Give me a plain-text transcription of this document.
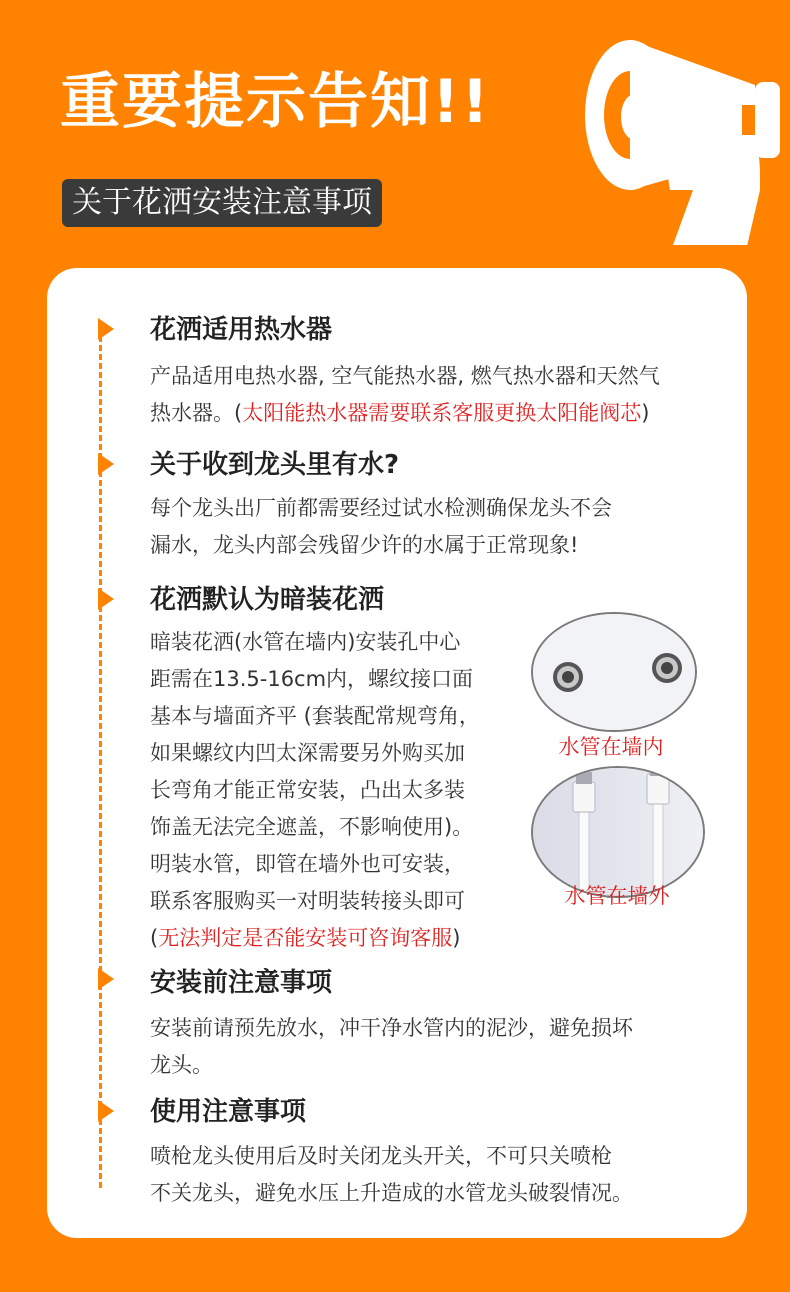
重要提示告知!!
关于花洒安装注意事项
花洒适用热水器

产品适用电热水器, 空气能热水器, 燃气热水器和天然气
热水器。(太阳能热水器需要联系客服更换太阳能阀芯)

关于收到龙头里有水?

每个龙头出厂前都需要经过试水检测确保龙头不会
漏水，龙头内部会残留少许的水属于正常现象!

花洒默认为暗装花洒

暗装花洒(水管在墙内)安装孔中心
距需在13.5-16cm内，螺纹接口面
基本与墙面齐平 (套装配常规弯角，
如果螺纹内凹太深需要另外购买加
长弯角才能正常安装，凸出太多装
饰盖无法完全遮盖，不影响使用)。
明装水管，即管在墙外也可安装，
联系客服购买一对明装转接头即可
(无法判定是否能安装可咨询客服)

水管在墙内
水管在墙外
安装前注意事项

安装前请预先放水，冲干净水管内的泥沙，避免损坏
龙头。

使用注意事项

喷枪龙头使用后及时关闭龙头开关，不可只关喷枪
不关龙头，避免水压上升造成的水管龙头破裂情况。
